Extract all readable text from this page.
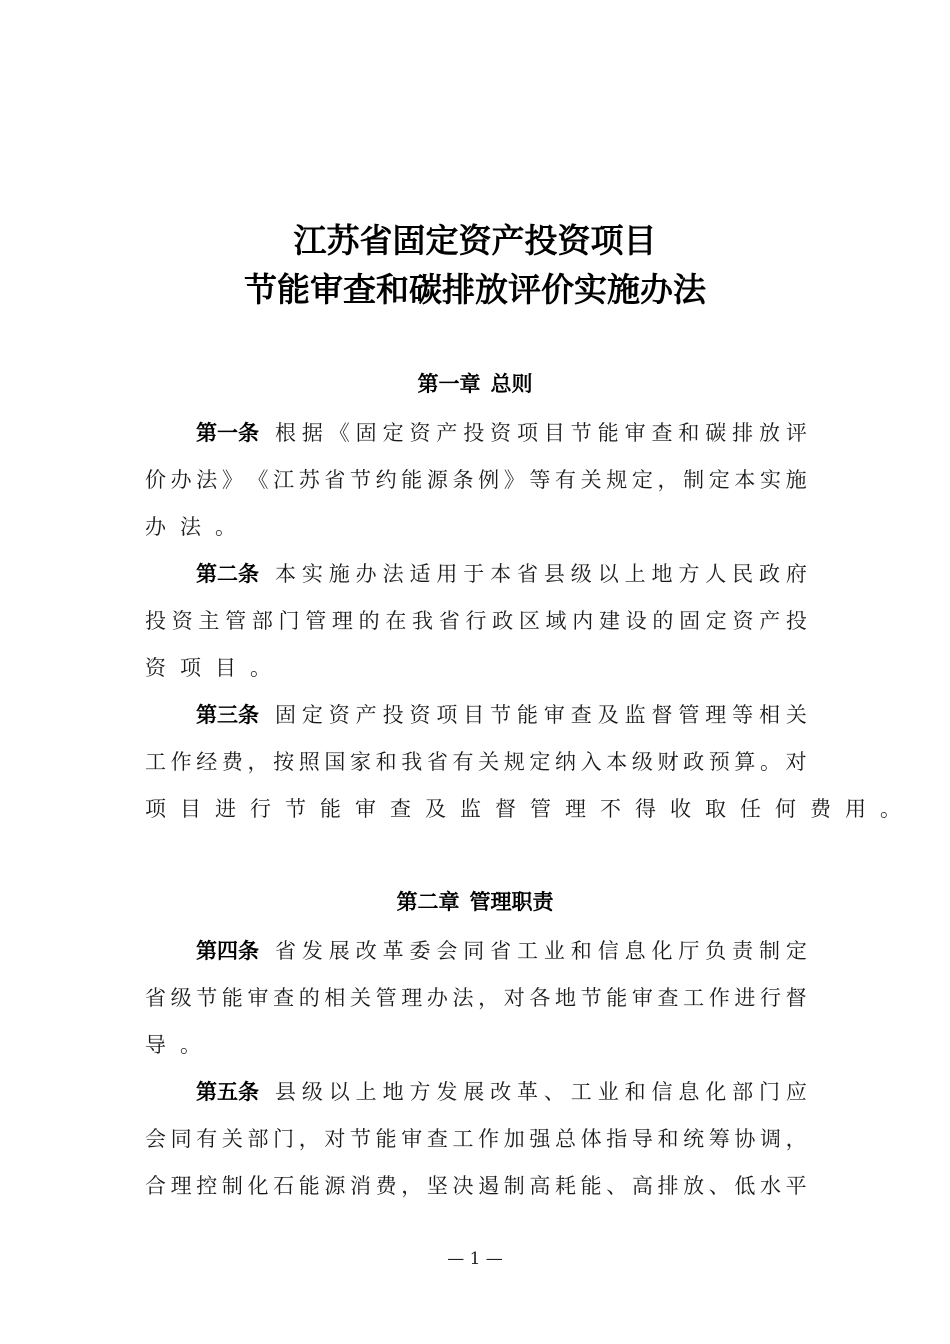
江苏省固定资产投资项目
节能审查和碳排放评价实施办法
第一章 总则
第一条 根 据 《 固 定 资 产 投 资 项 目 节 能 审 查 和 碳 排 放 评
价 办 法 》 《 江 苏 省 节 约 能 源 条 例 》 等 有 关 规 定 ， 制 定 本 实 施
办 法 。
第二条 本 实 施 办 法 适 用 于 本 省 县 级 以 上 地 方 人 民 政 府
投 资 主 管 部 门 管 理 的 在 我 省 行 政 区 域 内 建 设 的 固 定 资 产 投
资 项 目 。
第三条 固 定 资 产 投 资 项 目 节 能 审 查 及 监 督 管 理 等 相 关
工 作 经 费 ， 按 照 国 家 和 我 省 有 关 规 定 纳 入 本 级 财 政 预 算 。 对
项 目 进 行 节 能 审 查 及 监 督 管 理 不 得 收 取 任 何 费 用 。
第二章 管理职责
第四条 省 发 展 改 革 委 会 同 省 工 业 和 信 息 化 厅 负 责 制 定
省 级 节 能 审 查 的 相 关 管 理 办 法 ， 对 各 地 节 能 审 查 工 作 进 行 督
导 。
第五条 县 级 以 上 地 方 发 展 改 革 、 工 业 和 信 息 化 部 门 应
会 同 有 关 部 门 ， 对 节 能 审 查 工 作 加 强 总 体 指 导 和 统 筹 协 调 ，
合 理 控 制 化 石 能 源 消 费 ， 坚 决 遏 制 高 耗 能 、 高 排 放 、 低 水 平
— 1 —
